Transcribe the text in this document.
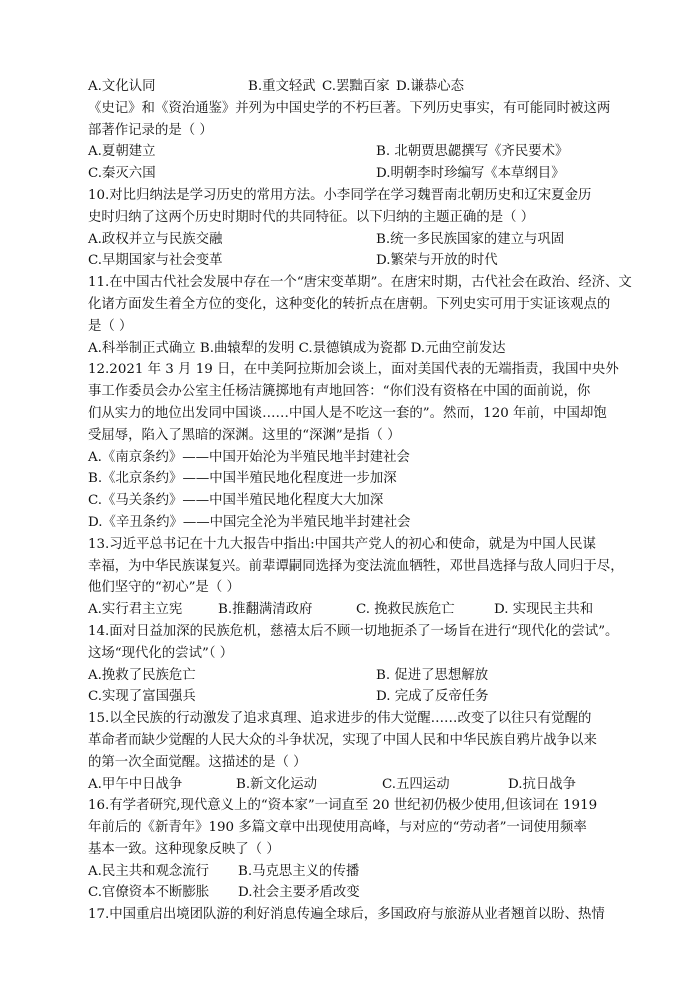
A.文化认同	B.重文轻武 C.罢黜百家 D.谦恭心态
《史记》和《资治通鉴》并列为中国史学的不朽巨著。下列历史事实，有可能同时被这两
部著作记录的是（ ）
A.夏朝建立	B. 北朝贾思勰撰写《齐民要术》
C.秦灭六国	D.明朝李时珍编写《本草纲目》
10.对比归纳法是学习历史的常用方法。小李同学在学习魏晋南北朝历史和辽宋夏金历
史时归纳了这两个历史时期时代的共同特征。以下归纳的主题正确的是（ ）
A.政权并立与民族交融	B.统一多民族国家的建立与巩固
C.早期国家与社会变革	D.繁荣与开放的时代
11.在中国古代社会发展中存在一个“唐宋变革期”。在唐宋时期，古代社会在政治、经济、文
化诸方面发生着全方位的变化，这种变化的转折点在唐朝。下列史实可用于实证该观点的
是（ ）
A.科举制正式确立 B.曲辕犁的发明 C.景德镇成为瓷都 D.元曲空前发达
12.2021 年 3 月 19 日，在中美阿拉斯加会谈上，面对美国代表的无端指责，我国中央外
事工作委员会办公室主任杨洁篪掷地有声地回答：“你们没有资格在中国的面前说，你
们从实力的地位出发同中国谈……中国人是不吃这一套的”。然而，120 年前，中国却饱
受屈辱，陷入了黑暗的深渊。这里的“深渊”是指（ ）
A.《南京条约》——中国开始沦为半殖民地半封建社会
B.《北京条约》——中国半殖民地化程度进一步加深
C.《马关条约》——中国半殖民地化程度大大加深
D.《辛丑条约》——中国完全沦为半殖民地半封建社会
13.习近平总书记在十九大报告中指出:中国共产党人的初心和使命，就是为中国人民谋
幸福，为中华民族谋复兴。前辈谭嗣同选择为变法流血牺牲，邓世昌选择与敌人同归于尽，
他们坚守的“初心”是（ ）
A.实行君主立宪	B.推翻满清政府	C. 挽救民族危亡	D. 实现民主共和
14.面对日益加深的民族危机，慈禧太后不顾一切地扼杀了一场旨在进行“现代化的尝试”。
这场“现代化的尝试”（ ）
A.挽救了民族危亡	B. 促进了思想解放
C.实现了富国强兵	D. 完成了反帝任务
15.以全民族的行动激发了追求真理、追求进步的伟大觉醒……改变了以往只有觉醒的
革命者而缺少觉醒的人民大众的斗争状况，实现了中国人民和中华民族自鸦片战争以来
的第一次全面觉醒。这描述的是（ ）
A.甲午中日战争	B.新文化运动	C.五四运动	D.抗日战争
16.有学者研究,现代意义上的“资本家”一词直至 20 世纪初仍极少使用,但该词在 1919
年前后的《新青年》190 多篇文章中出现使用高峰，与对应的“劳动者”一词使用频率
基本一致。这种现象反映了（ ）
A.民主共和观念流行	B.马克思主义的传播
C.官僚资本不断膨胀	D.社会主要矛盾改变
17.中国重启出境团队游的利好消息传遍全球后，多国政府与旅游从业者翘首以盼、热情
